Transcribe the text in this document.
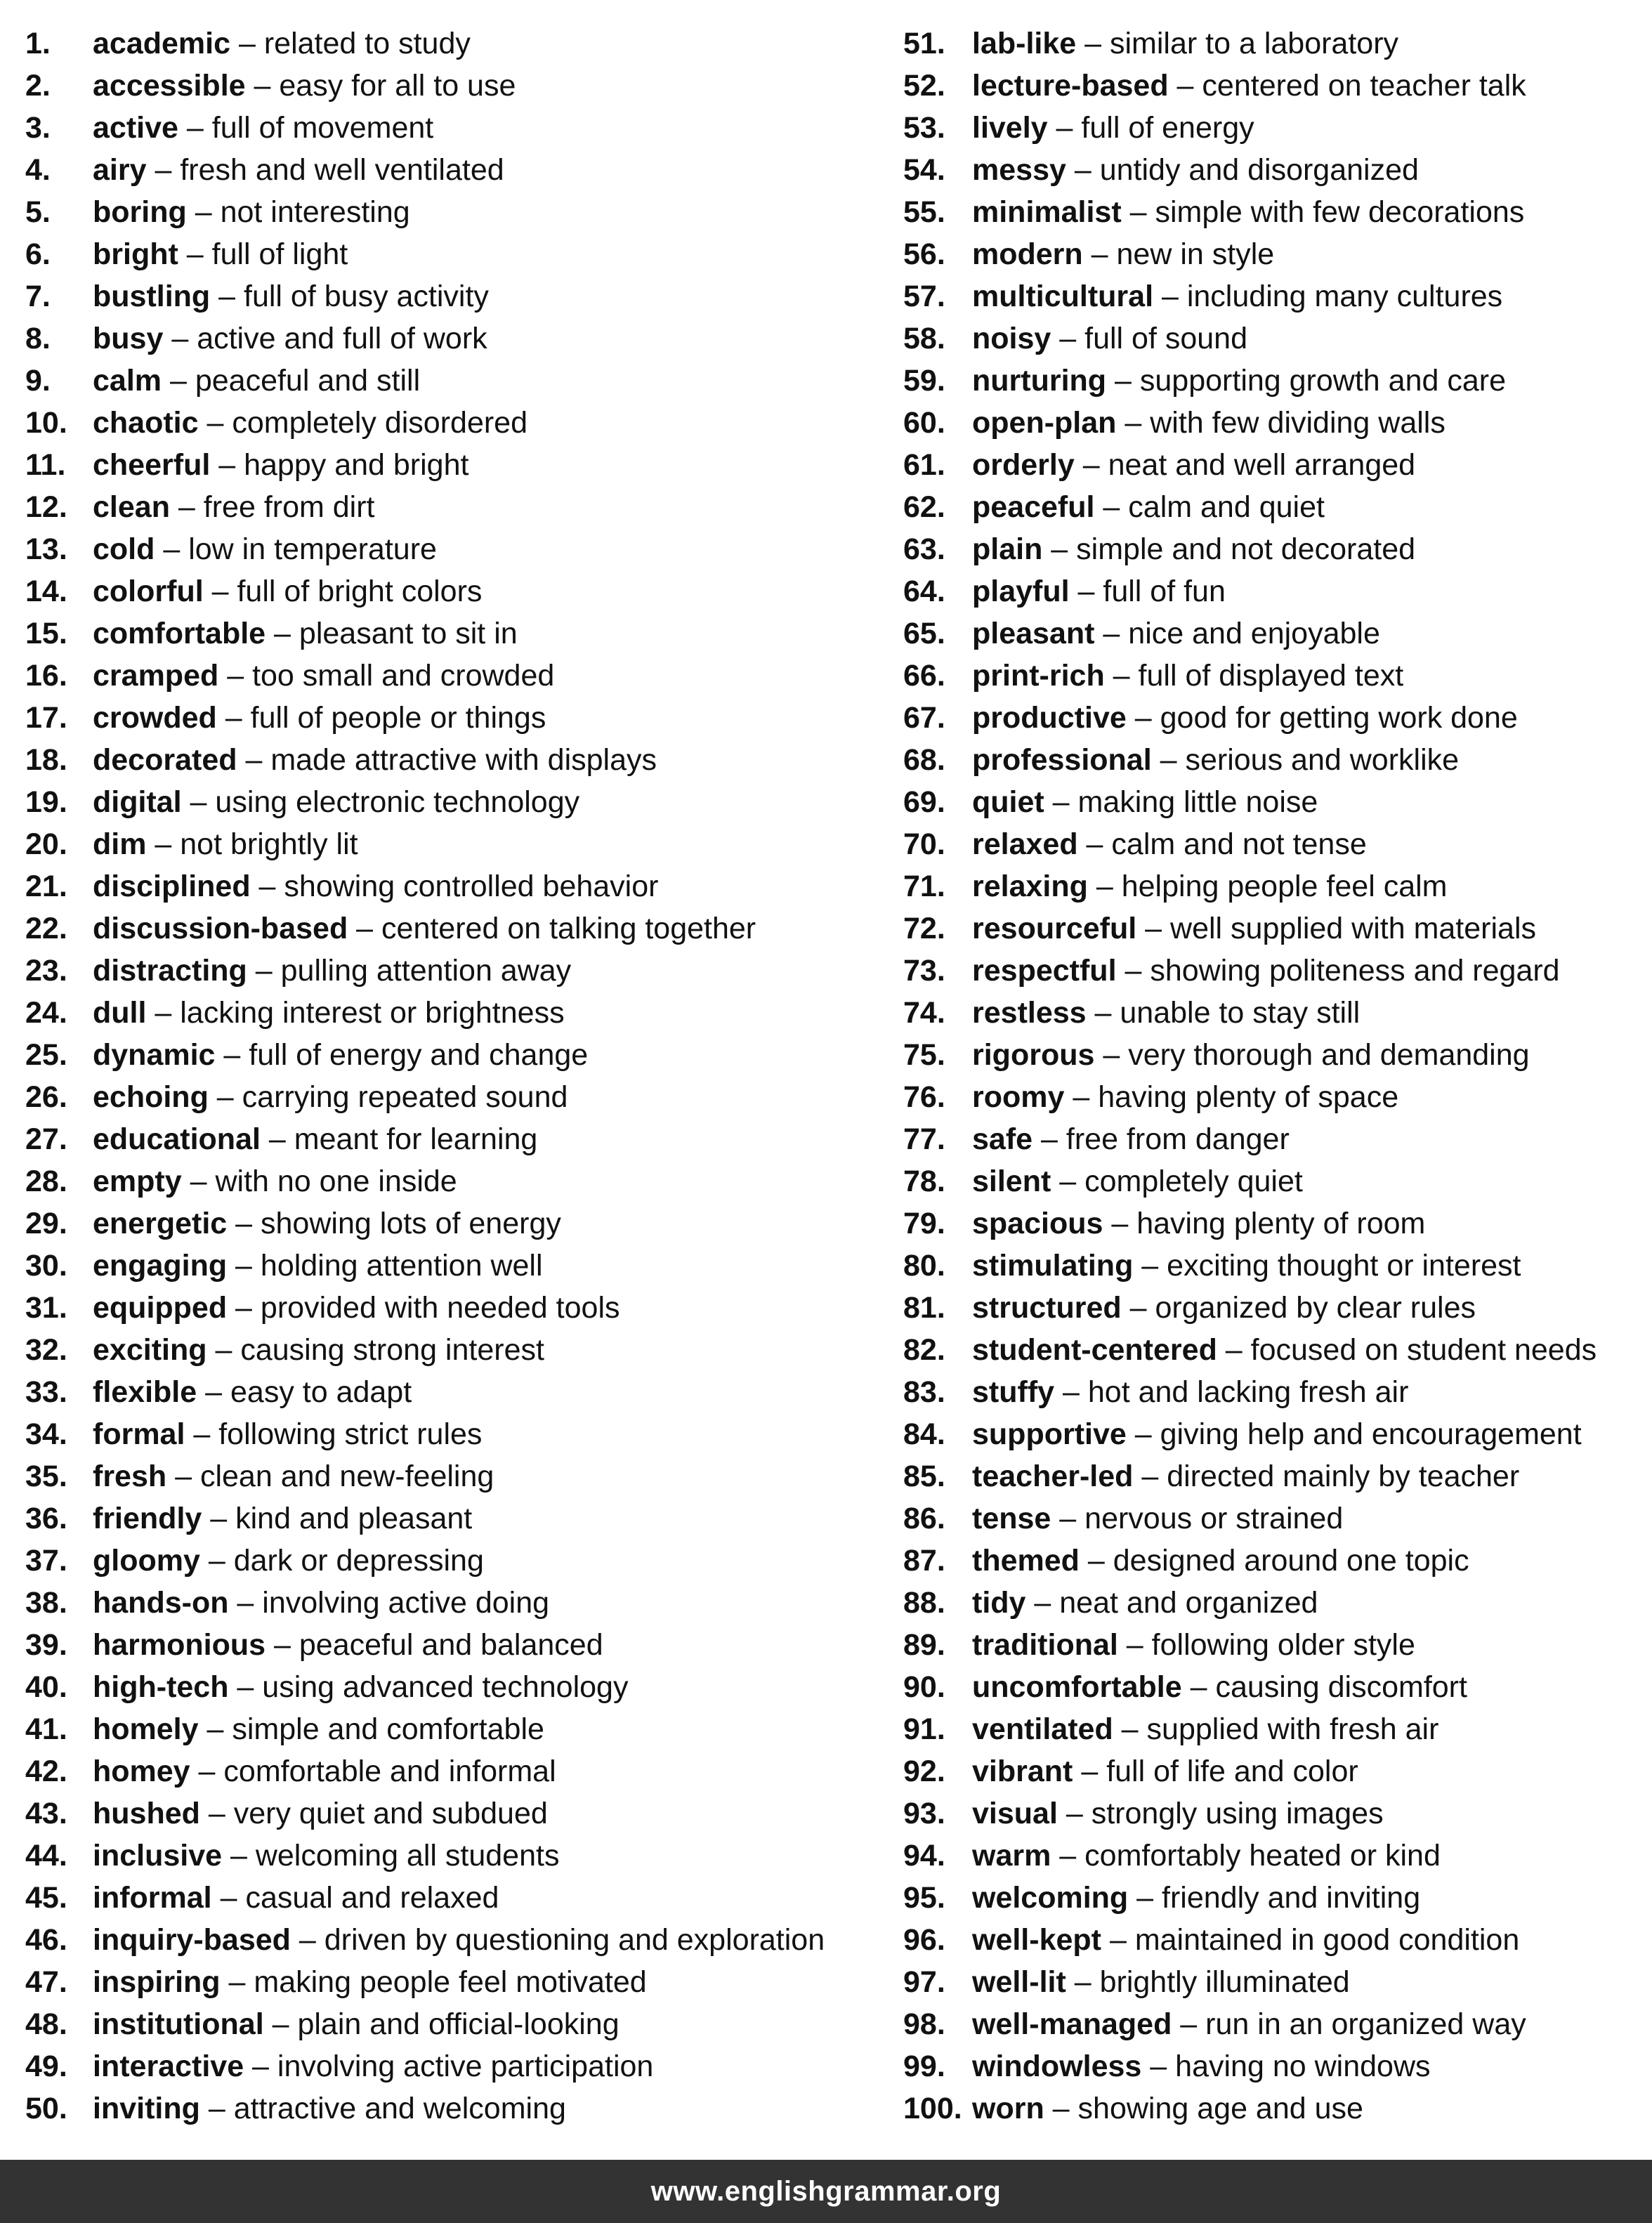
1.	academic – related to study
2.	accessible – easy for all to use
3.	active – full of movement
4.	airy – fresh and well ventilated
5.	boring – not interesting
6.	bright – full of light
7.	bustling – full of busy activity
8.	busy – active and full of work
9.	calm – peaceful and still
10. chaotic – completely disordered
11. cheerful – happy and bright
12. clean – free from dirt
13. cold – low in temperature
14. colorful – full of bright colors
15. comfortable – pleasant to sit in
16. cramped – too small and crowded
17. crowded – full of people or things
18. decorated – made attractive with displays
19. digital – using electronic technology
20. dim – not brightly lit
21. disciplined – showing controlled behavior
22. discussion-based – centered on talking together
23. distracting – pulling attention away
24. dull – lacking interest or brightness
25. dynamic – full of energy and change
26. echoing – carrying repeated sound
27. educational – meant for learning
28. empty – with no one inside
29. energetic – showing lots of energy
30. engaging – holding attention well
31. equipped – provided with needed tools
32. exciting – causing strong interest
33. flexible – easy to adapt
34. formal – following strict rules
35. fresh – clean and new-feeling
36. friendly – kind and pleasant
37. gloomy – dark or depressing
38. hands-on – involving active doing
39. harmonious – peaceful and balanced
40. high-tech – using advanced technology
41. homely – simple and comfortable
42. homey – comfortable and informal
43. hushed – very quiet and subdued
44. inclusive – welcoming all students
45. informal – casual and relaxed
46. inquiry-based – driven by questioning and exploration
47. inspiring – making people feel motivated
48. institutional – plain and official-looking
49. interactive – involving active participation
50. inviting – attractive and welcoming
51. lab-like – similar to a laboratory
52. lecture-based – centered on teacher talk
53. lively – full of energy
54. messy – untidy and disorganized
55. minimalist – simple with few decorations
56. modern – new in style
57. multicultural – including many cultures
58. noisy – full of sound
59. nurturing – supporting growth and care
60. open-plan – with few dividing walls
61. orderly – neat and well arranged
62. peaceful – calm and quiet
63. plain – simple and not decorated
64. playful – full of fun
65. pleasant – nice and enjoyable
66. print-rich – full of displayed text
67. productive – good for getting work done
68. professional – serious and worklike
69. quiet – making little noise
70. relaxed – calm and not tense
71. relaxing – helping people feel calm
72. resourceful – well supplied with materials
73. respectful – showing politeness and regard
74. restless – unable to stay still
75. rigorous – very thorough and demanding
76. roomy – having plenty of space
77. safe – free from danger
78. silent – completely quiet
79. spacious – having plenty of room
80. stimulating – exciting thought or interest
81. structured – organized by clear rules
82. student-centered – focused on student needs
83. stuffy – hot and lacking fresh air
84. supportive – giving help and encouragement
85. teacher-led – directed mainly by teacher
86. tense – nervous or strained
87. themed – designed around one topic
88. tidy – neat and organized
89. traditional – following older style
90. uncomfortable – causing discomfort
91. ventilated – supplied with fresh air
92. vibrant – full of life and color
93. visual – strongly using images
94. warm – comfortably heated or kind
95. welcoming – friendly and inviting
96. well-kept – maintained in good condition
97. well-lit – brightly illuminated
98. well-managed – run in an organized way
99. windowless – having no windows
100. worn – showing age and use
www.englishgrammar.org
